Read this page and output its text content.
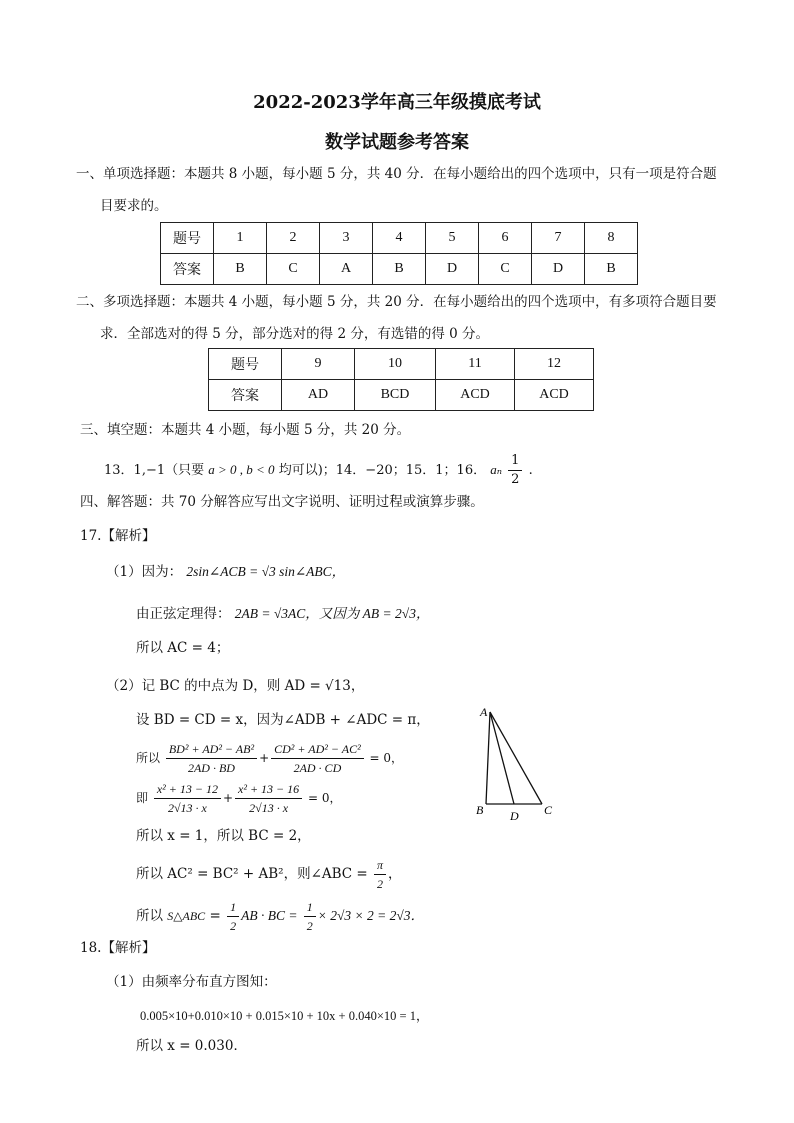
2022-2023学年高三年级摸底考试
数学试题参考答案
一、单项选择题：本题共 8 小题，每小题 5 分，共 40 分．在每小题给出的四个选项中，只有一项是符合题
目要求的。
题号	1	2	3	4	5	6	7	8
答案	B	C	A	B	D	C	D	B
二、多项选择题：本题共 4 小题，每小题 5 分，共 20 分．在每小题给出的四个选项中，有多项符合题目要
求．全部选对的得 5 分，部分选对的得 2 分，有选错的得 0 分。
题号	9	10	11	12
答案	AD	BCD	ACD	ACD
三、填空题：本题共 4 小题，每小题 5 分，共 20 分。
13．1,−1（只要 a > 0 , b < 0 均可以)；14．−20；15．1；16． aₙ $\frac{1}{2}$ .
四、解答题：共 70 分解答应写出文字说明、证明过程或演算步骤。
17.【解析】
（1）因为： 2sin∠ACB = √3 sin∠ABC，
由正弦定理得： 2AB = √3AC，又因为 AB = 2√3，
所以 AC = 4；
（2）记 BC 的中点为 D，则 AD = √13，
设 BD = CD = x，因为∠ADB + ∠ADC = π，
所以 $\frac{\text{BD² + AD² − AB²}}{2AD \cdot BD} + \frac{\text{CD² + AD² − AC²}}{2AD \cdot CD} = 0$，
即 $\frac{\text{x² + 13 − 12}}{2√13 \cdot x} + \frac{\text{x² + 13 − 16}}{2√13 \cdot x} = 0$，
所以 x = 1，所以 BC = 2，
所以 AC² = BC² + AB²，则∠ABC = $\frac{\pi}{2}$ ，
所以 S△ABC = $\frac{1}{2}$ AB · BC = $\frac{1}{2} \times 2√3 \times 2 = 2√3$．
A
B	C
D
18.【解析】
（1）由频率分布直方图知：
0.005×10+0.010×10 + 0.015×10 + 10x + 0.040×10 = 1，
所以 x = 0.030．
